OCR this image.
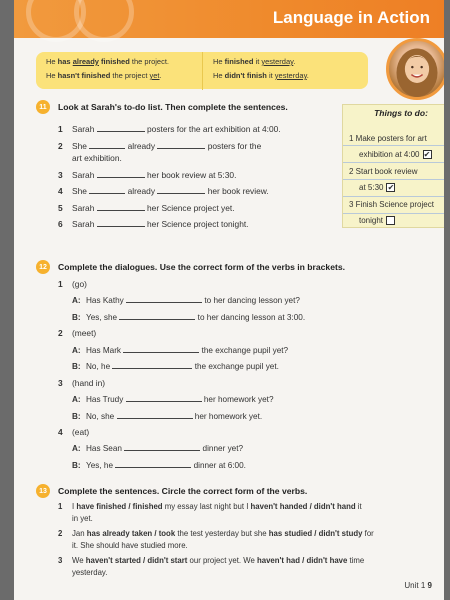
Language in Action
He has already finished the project.
He hasn't finished the project yet.
He finished it yesterday.
He didn't finish it yesterday.
11	Look at Sarah's to-do list. Then complete the sentences.
1 Sarah	posters for the art exhibition at 4:00.
2 She	already	posters for the
art exhibition.
3 Sarah	her book review at 5:30.
4 She	already	her book review.
5 Sarah	her Science project yet.
6 Sarah	her Science project tonight.
Things to do:
1 Make posters for art
exhibition at 4:00 ✔
2 Start book review
at 5:30 ✔
3 Finish Science project
tonight
12	Complete the dialogues. Use the correct form of the verbs in brackets.
1 (go)
A: Has Kathy	to her dancing lesson yet?
B: Yes, she	to her dancing lesson at 3:00.
2 (meet)
A: Has Mark	the exchange pupil yet?
B: No, he	the exchange pupil yet.
3 (hand in)
A: Has Trudy	her homework yet?
B: No, she	her homework yet.
4 (eat)
A: Has Sean	dinner yet?
B: Yes, he	dinner at 6:00.
13	Complete the sentences. Circle the correct form of the verbs.
1 I have finished / finished my essay last night but I haven't handed / didn't hand it
in yet.
2 Jan has already taken / took the test yesterday but she has studied / didn't study for
it. She should have studied more.
3 We haven't started / didn't start our project yet. We haven't had / didn't have time
yesterday.
Unit 1 9
